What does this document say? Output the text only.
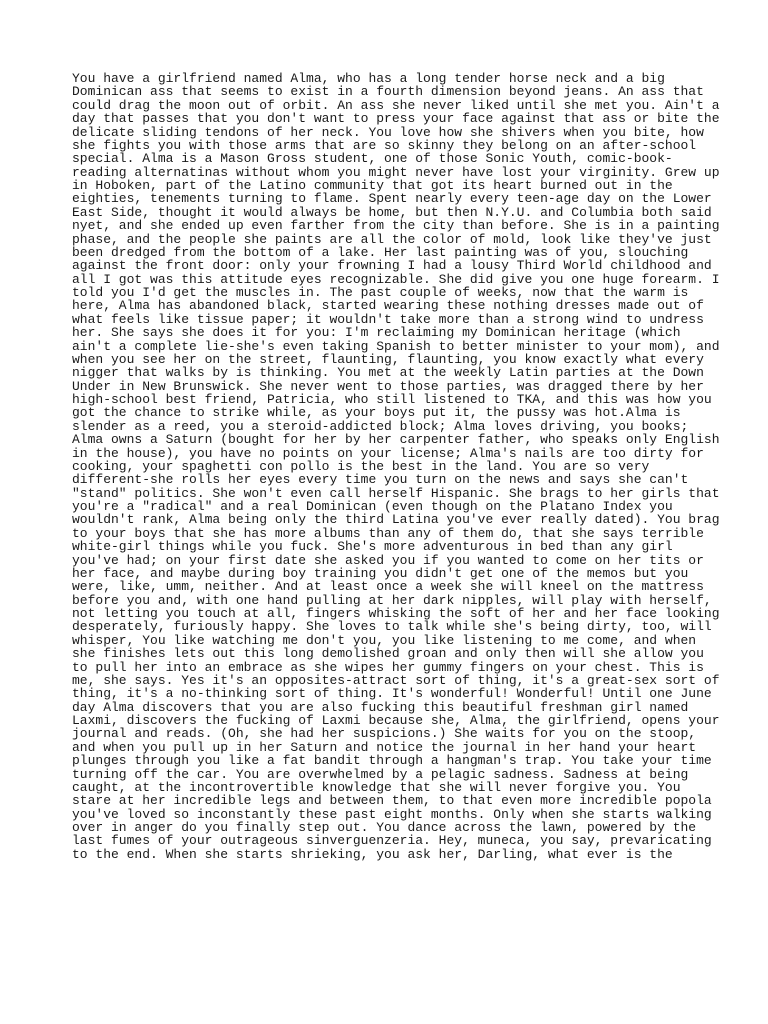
You have a girlfriend named Alma, who has a long tender horse neck and a big
Dominican ass that seems to exist in a fourth dimension beyond jeans. An ass that
could drag the moon out of orbit. An ass she never liked until she met you. Ain't a
day that passes that you don't want to press your face against that ass or bite the
delicate sliding tendons of her neck. You love how she shivers when you bite, how
she fights you with those arms that are so skinny they belong on an after-school
special. Alma is a Mason Gross student, one of those Sonic Youth, comic-book-
reading alternatinas without whom you might never have lost your virginity. Grew up
in Hoboken, part of the Latino community that got its heart burned out in the
eighties, tenements turning to flame. Spent nearly every teen-age day on the Lower
East Side, thought it would always be home, but then N.Y.U. and Columbia both said
nyet, and she ended up even farther from the city than before. She is in a painting
phase, and the people she paints are all the color of mold, look like they've just
been dredged from the bottom of a lake. Her last painting was of you, slouching
against the front door: only your frowning I had a lousy Third World childhood and
all I got was this attitude eyes recognizable. She did give you one huge forearm. I
told you I'd get the muscles in. The past couple of weeks, now that the warm is
here, Alma has abandoned black, started wearing these nothing dresses made out of
what feels like tissue paper; it wouldn't take more than a strong wind to undress
her. She says she does it for you: I'm reclaiming my Dominican heritage (which
ain't a complete lie-she's even taking Spanish to better minister to your mom), and
when you see her on the street, flaunting, flaunting, you know exactly what every
nigger that walks by is thinking. You met at the weekly Latin parties at the Down
Under in New Brunswick. She never went to those parties, was dragged there by her
high-school best friend, Patricia, who still listened to TKA, and this was how you
got the chance to strike while, as your boys put it, the pussy was hot.Alma is
slender as a reed, you a steroid-addicted block; Alma loves driving, you books;
Alma owns a Saturn (bought for her by her carpenter father, who speaks only English
in the house), you have no points on your license; Alma's nails are too dirty for
cooking, your spaghetti con pollo is the best in the land. You are so very
different-she rolls her eyes every time you turn on the news and says she can't
"stand" politics. She won't even call herself Hispanic. She brags to her girls that
you're a "radical" and a real Dominican (even though on the Platano Index you
wouldn't rank, Alma being only the third Latina you've ever really dated). You brag
to your boys that she has more albums than any of them do, that she says terrible
white-girl things while you fuck. She's more adventurous in bed than any girl
you've had; on your first date she asked you if you wanted to come on her tits or
her face, and maybe during boy training you didn't get one of the memos but you
were, like, umm, neither. And at least once a week she will kneel on the mattress
before you and, with one hand pulling at her dark nipples, will play with herself,
not letting you touch at all, fingers whisking the soft of her and her face looking
desperately, furiously happy. She loves to talk while she's being dirty, too, will
whisper, You like watching me don't you, you like listening to me come, and when
she finishes lets out this long demolished groan and only then will she allow you
to pull her into an embrace as she wipes her gummy fingers on your chest. This is
me, she says. Yes it's an opposites-attract sort of thing, it's a great-sex sort of
thing, it's a no-thinking sort of thing. It's wonderful! Wonderful! Until one June
day Alma discovers that you are also fucking this beautiful freshman girl named
Laxmi, discovers the fucking of Laxmi because she, Alma, the girlfriend, opens your
journal and reads. (Oh, she had her suspicions.) She waits for you on the stoop,
and when you pull up in her Saturn and notice the journal in her hand your heart
plunges through you like a fat bandit through a hangman's trap. You take your time
turning off the car. You are overwhelmed by a pelagic sadness. Sadness at being
caught, at the incontrovertible knowledge that she will never forgive you. You
stare at her incredible legs and between them, to that even more incredible popola
you've loved so inconstantly these past eight months. Only when she starts walking
over in anger do you finally step out. You dance across the lawn, powered by the
last fumes of your outrageous sinverguenzeria. Hey, muneca, you say, prevaricating
to the end. When she starts shrieking, you ask her, Darling, what ever is the
